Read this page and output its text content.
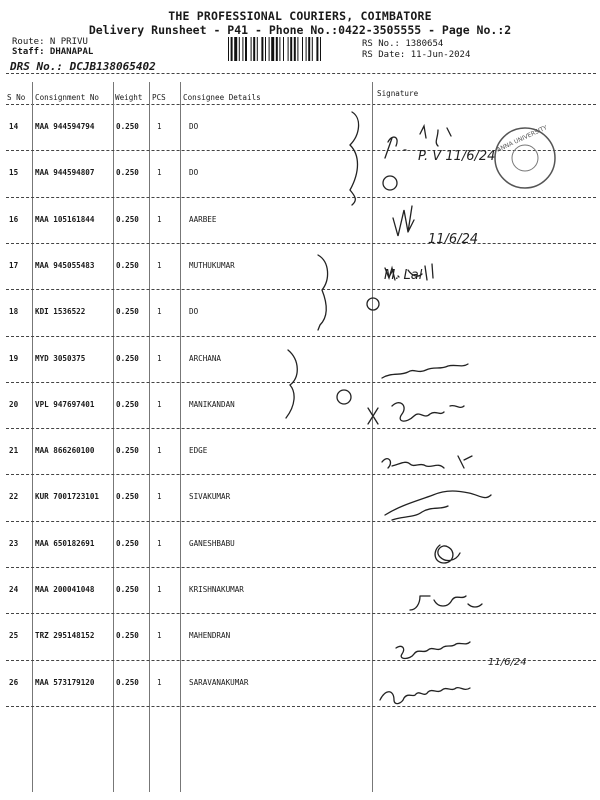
THE PROFESSIONAL COURIERS, COIMBATORE
Delivery Runsheet - P41 - Phone No.:0422-3505555 - Page No.:2
Route: N PRIVU
Staff: DHANAPAL
DRS No.: DCJB138065402
RS No.: 1380654
RS Date: 11-Jun-2024
S No Consignment No Weight PCS Consignee Details	Signature
14 MAA 944594794	0.250 1	DO
15 MAA 944594807	0.250 1	DO
16 MAA 105161844	0.250 1	AARBEE
17 MAA 945055483	0.250 1	MUTHUKUMAR
18 KDI 1536522	0.250 1	DO
19 MYD 3050375	0.250 1	ARCHANA
20 VPL 947697401	0.250 1	MANIKANDAN
21 MAA 866260100	0.250 1	EDGE
22 KUR 7001723101 0.250 1	SIVAKUMAR
23 MAA 650182691	0.250 1	GANESHBABU
24 MAA 200041048	0.250 1	KRISHNAKUMAR
25 TRZ 295148152	0.250 1	MAHENDRAN
26 MAA 573179120	0.250 1	SARAVANAKUMAR
P. V 11/6/24
11/6/24
M. Lal
11/6/24
ANNA UNIVERSITY
